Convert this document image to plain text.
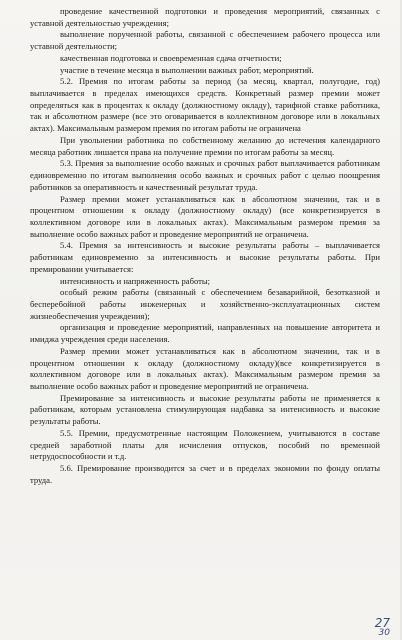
проведение качественной подготовки и проведения мероприятий, связанных с уставной деятельностью учреждения;

выполнение порученной работы, связанной с обеспечением рабочего процесса или уставной деятельности;

качественная подготовка и своевременная сдача отчетности;

участие в течение месяца в выполнении важных работ, мероприятий.

5.2. Премия по итогам работы за период (за месяц, квартал, полугодие, год) выплачивается в пределах имеющихся средств. Конкретный размер премии может определяться как в процентах к окладу (должностному окладу), тарифной ставке работника, так и абсолютном размере (все это оговаривается в коллективном договоре или в локальных актах). Максимальным размером премия по итогам работы не ограничена

При увольнении работника по собственному желанию до истечения календарного месяца работник лишается права на получение премии по итогам работы за месяц.

5.3. Премия за выполнение особо важных и срочных работ выплачивается работникам единовременно по итогам выполнения особо важных и срочных работ с целью поощрения работников за оперативность и качественный результат труда.

Размер премии может устанавливаться как в абсолютном значении, так и в процентном отношении к окладу (должностному окладу) (все конкретизируется в коллективном договоре или в локальных актах). Максимальным размером премия за выполнение особо важных работ и проведение мероприятий не ограничена.

5.4. Премия за интенсивность и высокие результаты работы – выплачивается работникам единовременно за интенсивность и высокие результаты работы. При премировании учитывается:

интенсивность и напряженность работы;

особый режим работы (связанный с обеспечением безаварийной, безотказной и бесперебойной работы инженерных и хозяйственно-эксплуатационных систем жизнеобеспечения учреждения);

организация и проведение мероприятий, направленных на повышение авторитета и имиджа учреждения среди населения.

Размер премии может устанавливаться как в абсолютном значении, так и в процентном отношении к окладу (должностному окладу)(все конкретизируется в коллективном договоре или в локальных актах). Максимальным размером премия за выполнение особо важных работ и проведение мероприятий не ограничена.

Премирование за интенсивность и высокие результаты работы не применяется к работникам, которым установлена стимулирующая надбавка за интенсивность и высокие результаты работы.

5.5. Премии, предусмотренные настоящим Положением, учитываются в составе средней заработной платы для исчисления отпусков, пособий по временной нетрудоспособности и т.д.

5.6. Премирование производится за счет и в пределах экономии по фонду оплаты труда.

27
30
